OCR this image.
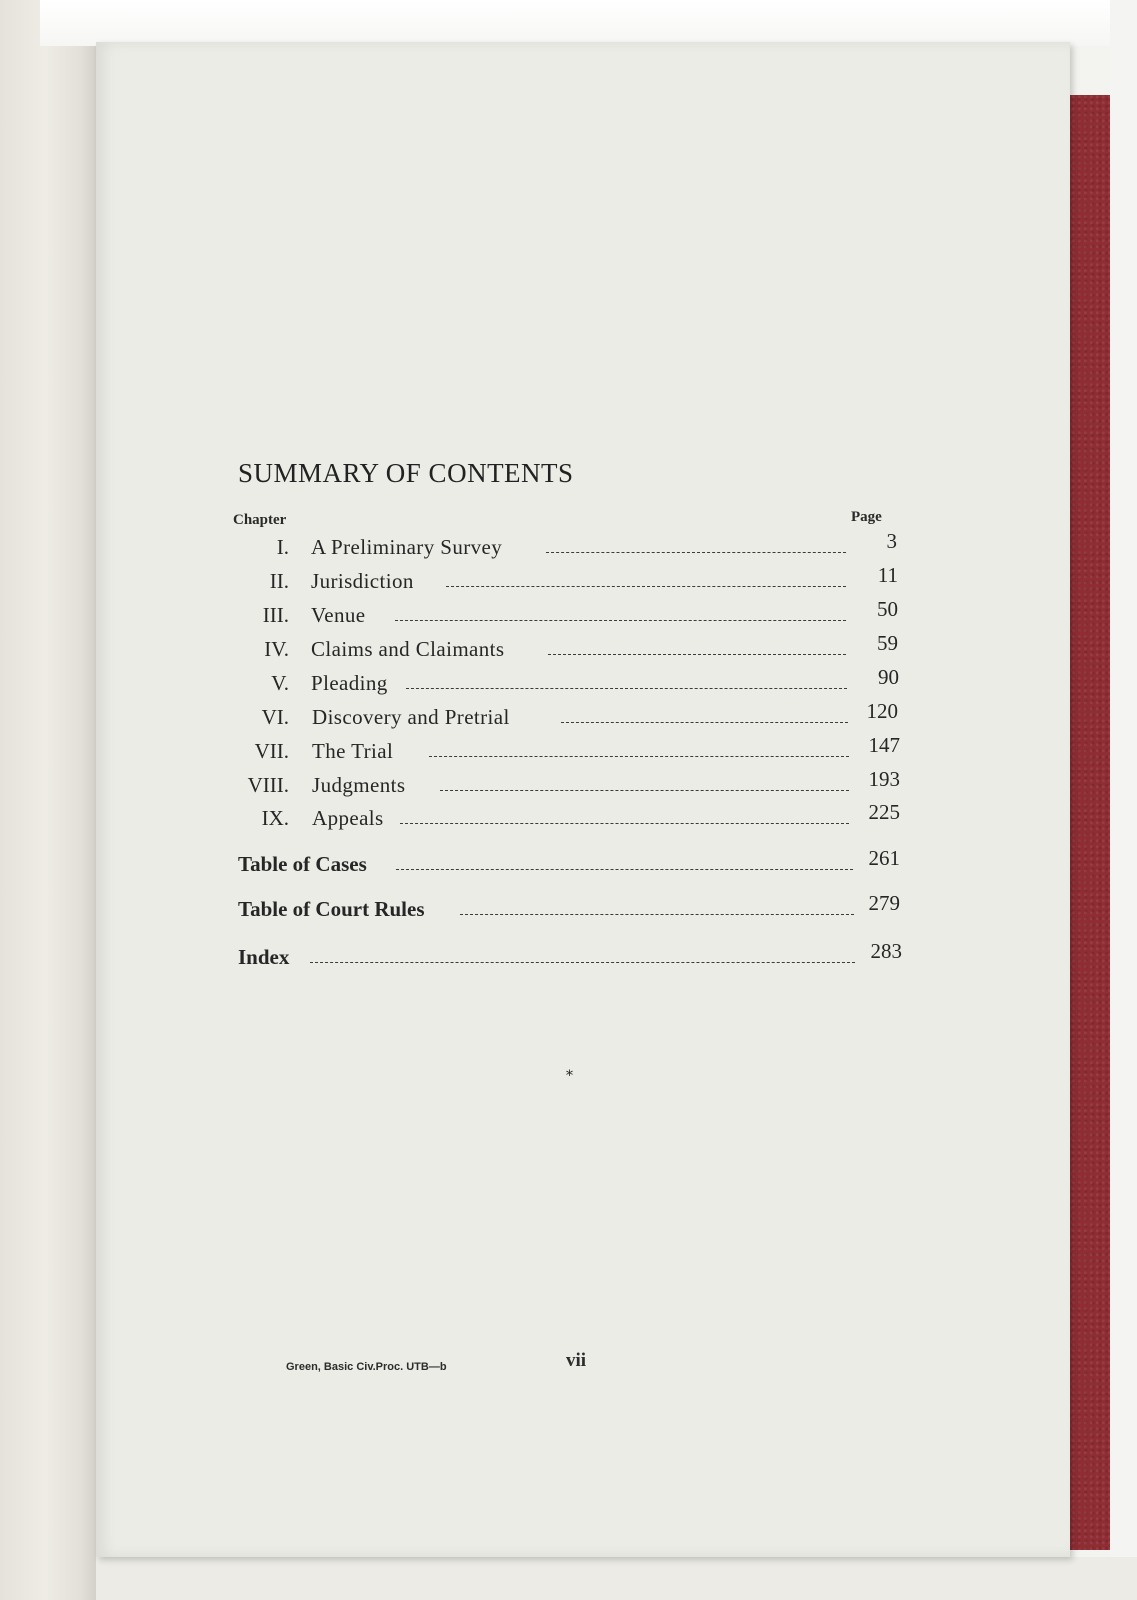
SUMMARY OF CONTENTS
Chapter	Page
I. A Preliminary Survey	3
II. Jurisdiction	11
III. Venue	50
IV. Claims and Claimants	59
V. Pleading	90
VI. Discovery and Pretrial	120
VII. The Trial	147
VIII. Judgments	193
IX. Appeals	225
Table of Cases	261
Table of Court Rules	279
Index	283
*
Green, Basic Civ.Proc. UTB—b	vii
